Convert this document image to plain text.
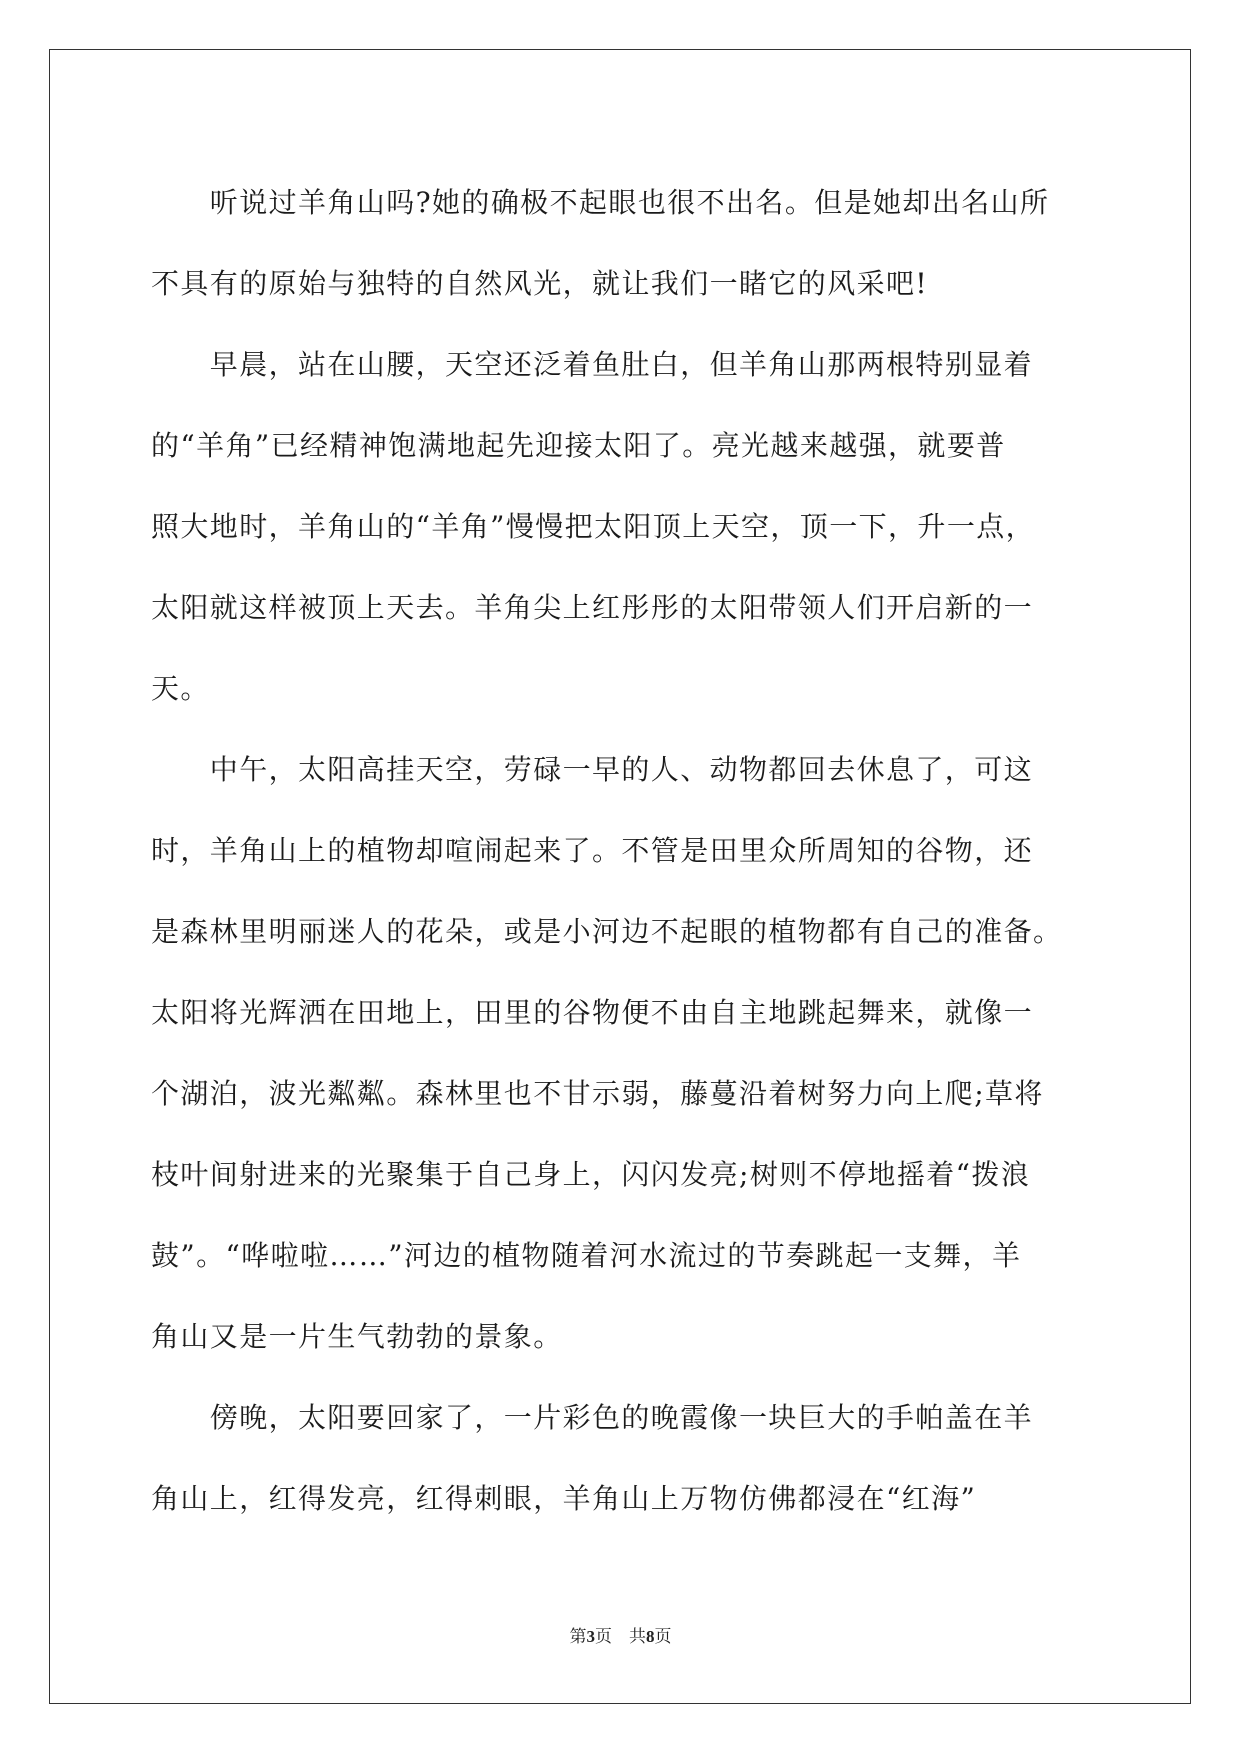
　　听说过羊角山吗?她的确极不起眼也很不出名。但是她却出名山所
不具有的原始与独特的自然风光，就让我们一睹它的风采吧!

　　早晨，站在山腰，天空还泛着鱼肚白，但羊角山那两根特别显着
的“羊角”已经精神饱满地起先迎接太阳了。亮光越来越强，就要普
照大地时，羊角山的“羊角”慢慢把太阳顶上天空，顶一下，升一点，
太阳就这样被顶上天去。羊角尖上红彤彤的太阳带领人们开启新的一
天。

　　中午，太阳高挂天空，劳碌一早的人、动物都回去休息了，可这
时，羊角山上的植物却喧闹起来了。不管是田里众所周知的谷物，还
是森林里明丽迷人的花朵，或是小河边不起眼的植物都有自己的准备。
太阳将光辉洒在田地上，田里的谷物便不由自主地跳起舞来，就像一
个湖泊，波光粼粼。森林里也不甘示弱，藤蔓沿着树努力向上爬;草将
枝叶间射进来的光聚集于自己身上，闪闪发亮;树则不停地摇着“拨浪
鼓”。“哗啦啦……”河边的植物随着河水流过的节奏跳起一支舞，羊
角山又是一片生气勃勃的景象。

　　傍晚，太阳要回家了，一片彩色的晚霞像一块巨大的手帕盖在羊
角山上，红得发亮，红得刺眼，羊角山上万物仿佛都浸在“红海”

第3页　共8页
